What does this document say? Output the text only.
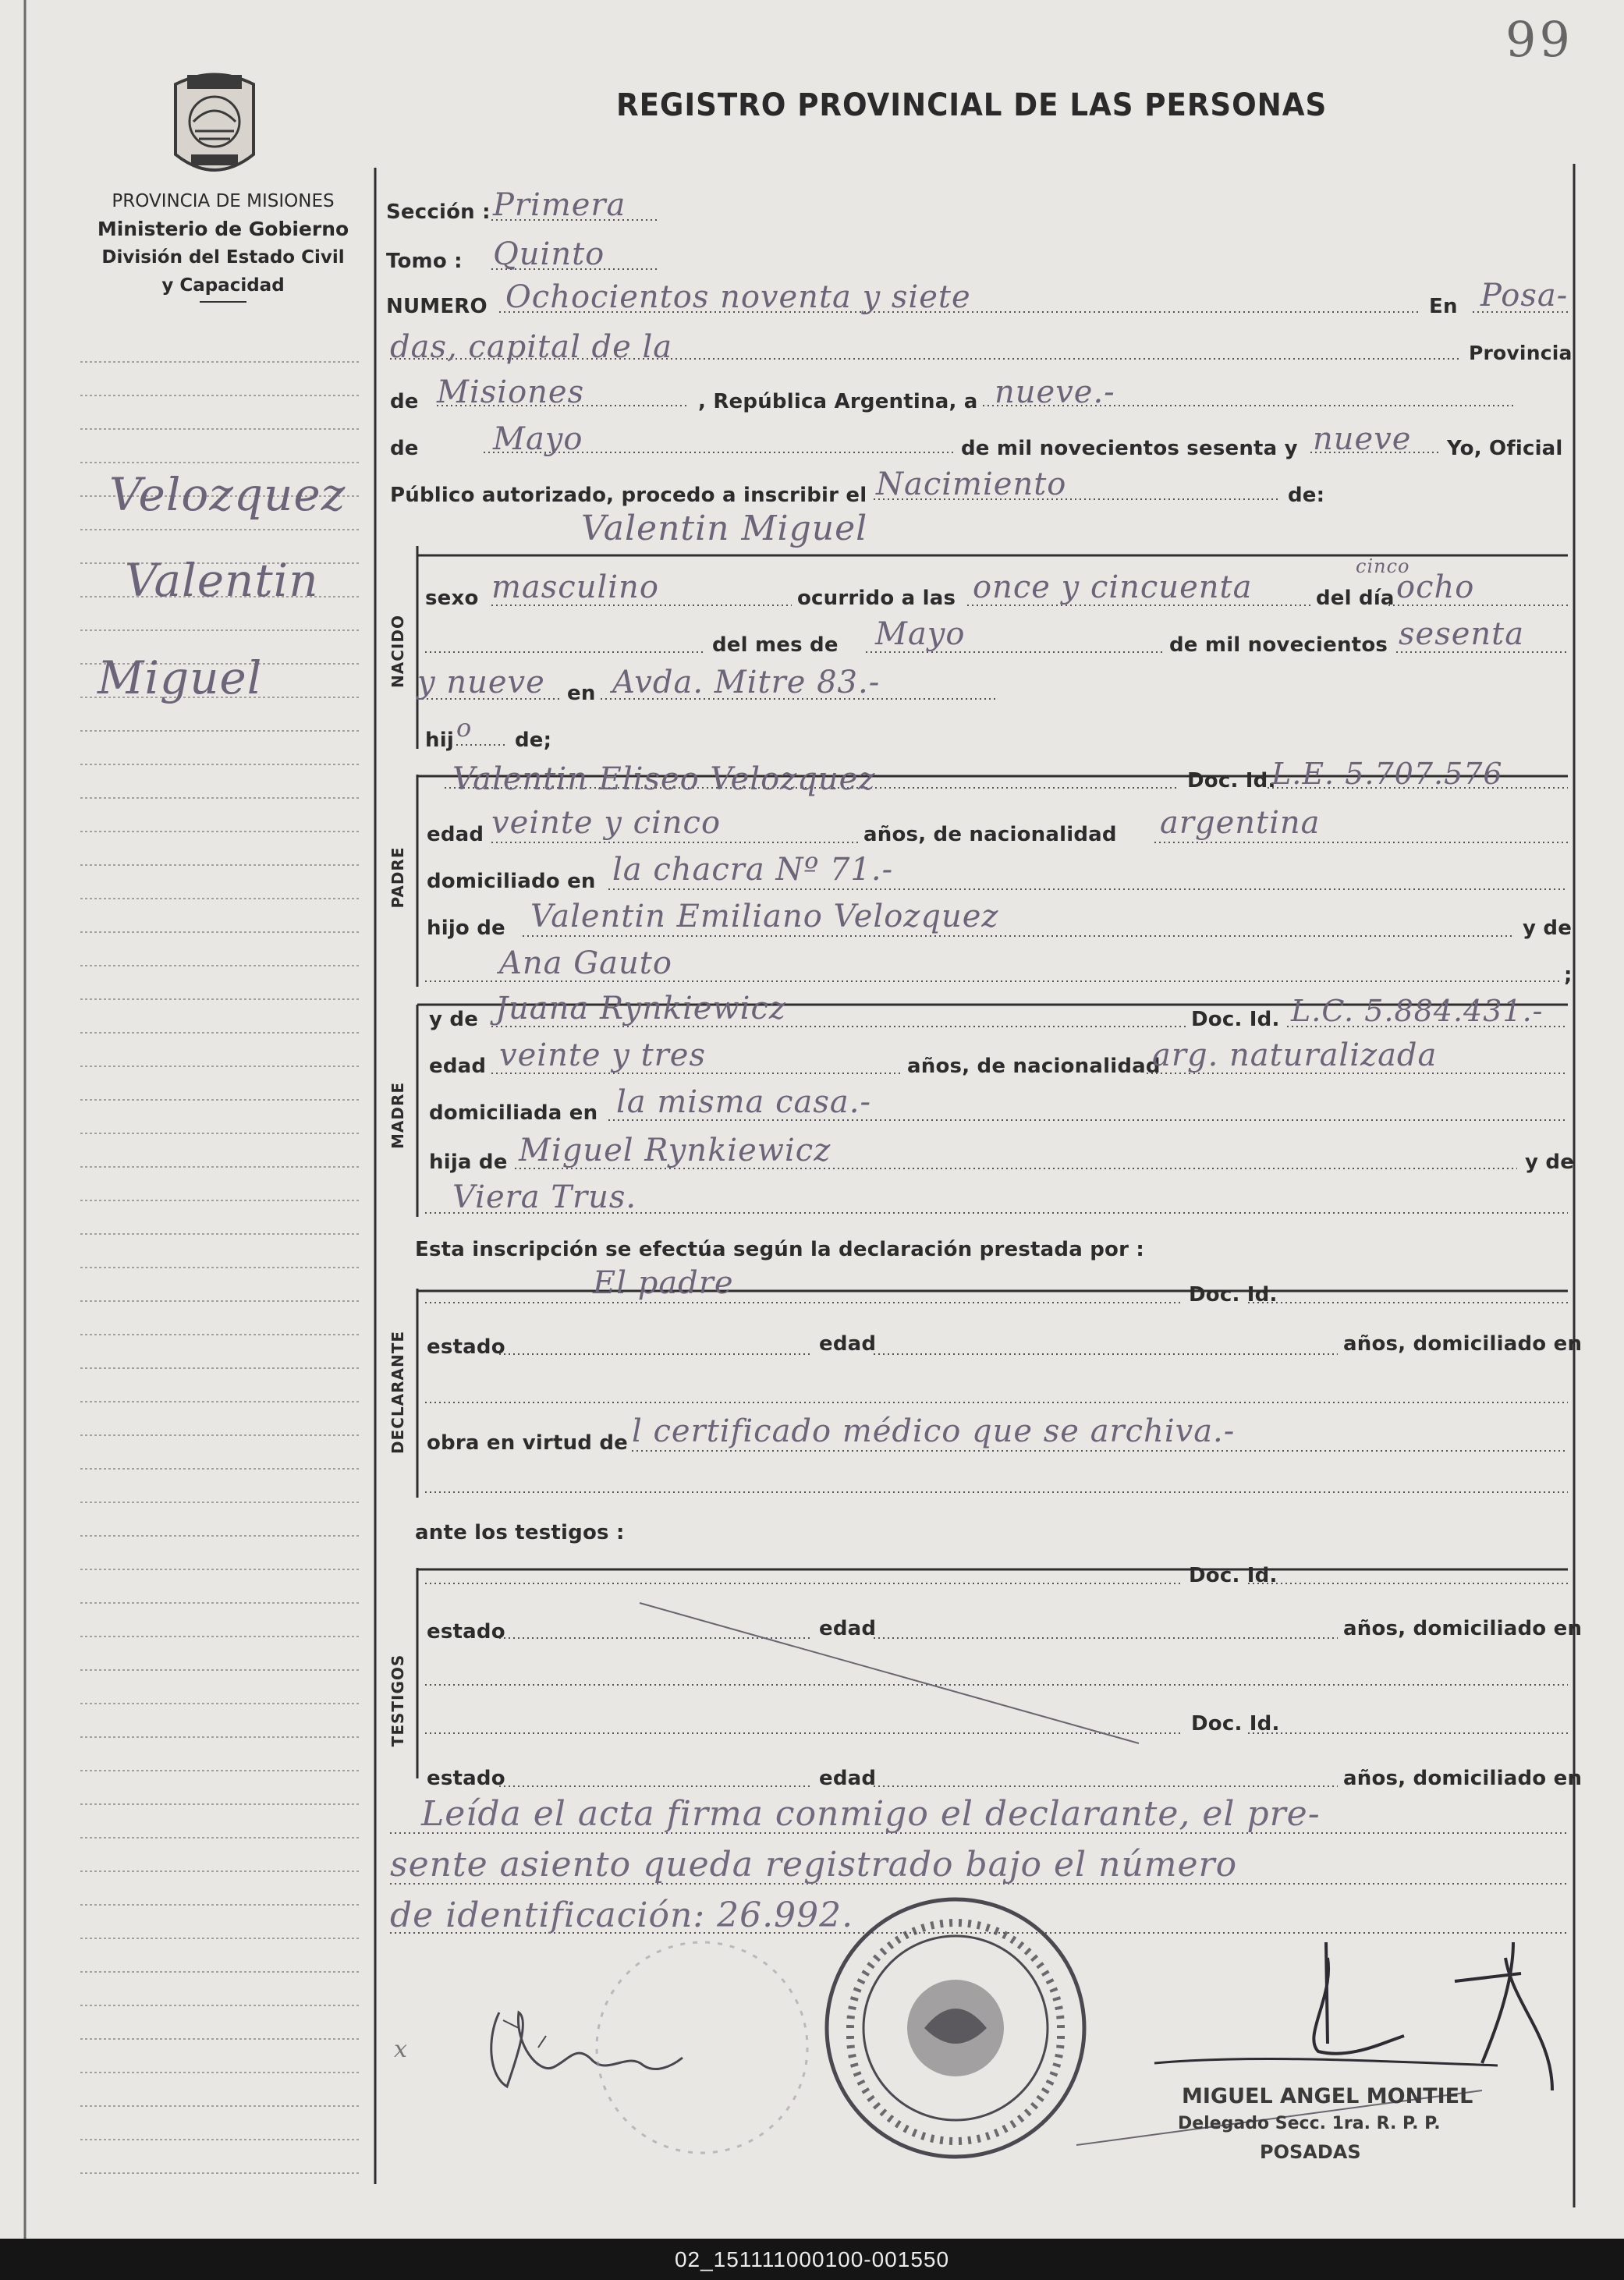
99
REGISTRO PROVINCIAL DE LAS PERSONAS
PROVINCIA DE MISIONES
Ministerio de Gobierno
División del Estado Civil
y Capacidad
Velozquez
Valentin
Miguel
Sección : Primera
Tomo : Quinto
NUMERO Ochocientos noventa y siete	En Posa-
das, capital de la	Provincia
de Misiones	, República Argentina, a nueve.-
de Mayo	de mil novecientos sesenta y nueve Yo, Oficial
Público autorizado, procedo a inscribir el Nacimiento	de:
Valentin Miguel
NACIDO
sexo masculino	ocurrido a las once y cincuenta
cinco
del día ocho
del mes de Mayo	de mil novecientos sesenta
y nueve en Avda. Mitre 83.-
hij o de;
PADRE
Valentin Eliseo Velozquez	Doc. Id.
L.E. 5.707.576
edad veinte y cinco	años, de nacionalidad argentina
domiciliado en la chacra Nº 71.-
hijo de Valentin Emiliano Velozquez	y de
Ana Gauto	;
MADRE
y de Juana Rynkiewicz	Doc. Id. L.C. 5.884.431.-
edad veinte y tres	años, de nacionalidad
arg. naturalizada
domiciliada en la misma casa.-
hija de Miguel Rynkiewicz	y de
Viera Trus.
Esta inscripción se efectúa según la declaración prestada por :
DECLARANTE
El padre	Doc. Id.
estado	edad	años, domiciliado en
obra en virtud de l certificado médico que se archiva.-
ante los testigos :
TESTIGOS
Doc. Id.
estado	edad	años, domiciliado en
Doc. Id.
estado	edad	años, domiciliado en
Leída el acta firma conmigo el declarante, el pre-
sente asiento queda registrado bajo el número
de identificación: 26.992.
x
MIGUEL ANGEL MONTIEL
Delegado Secc. 1ra. R. P. P.
POSADAS
02_151111000100-001550
